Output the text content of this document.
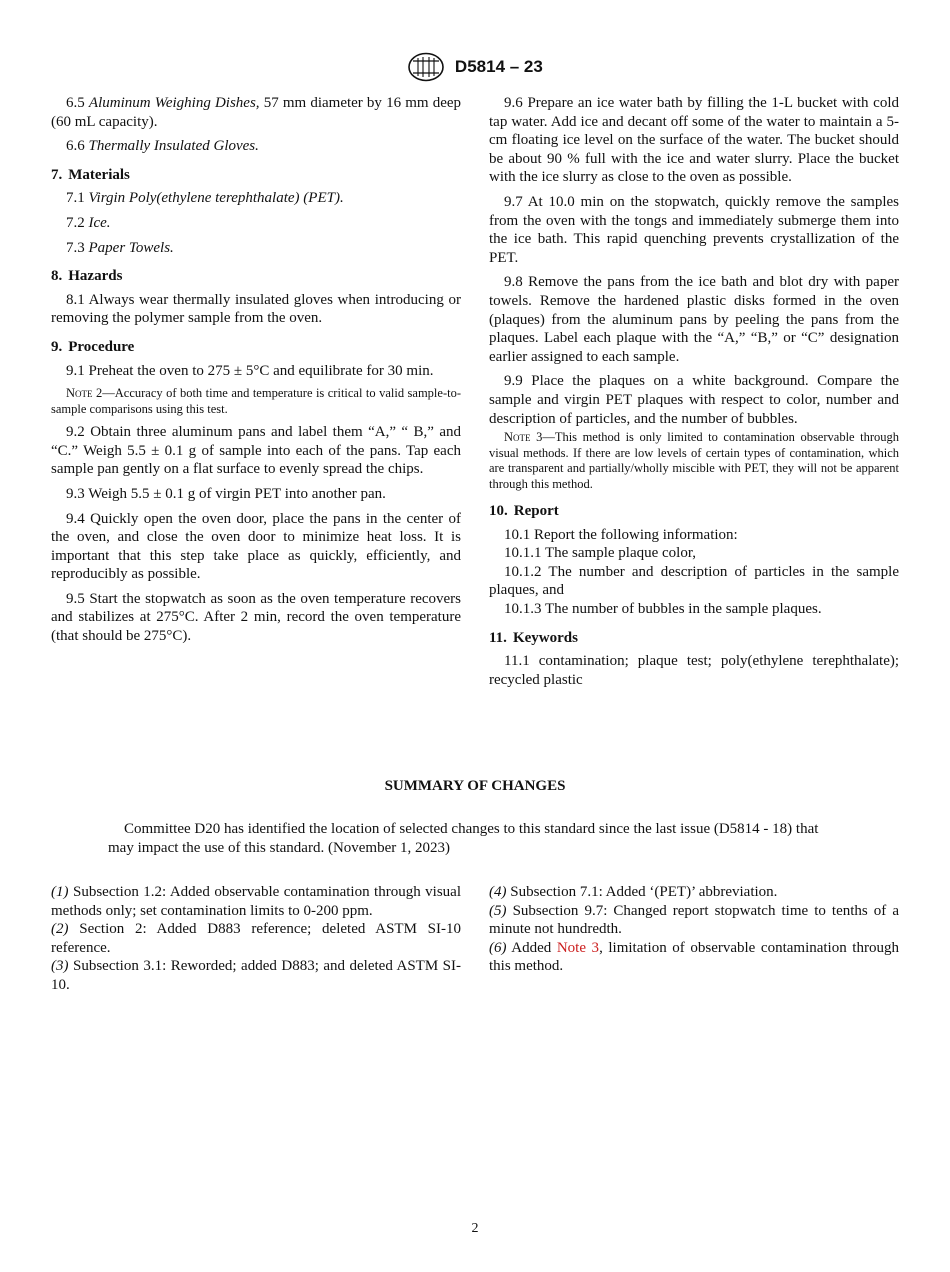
D5814 – 23

6.5 Aluminum Weighing Dishes, 57 mm diameter by 16 mm deep (60 mL capacity).

6.6 Thermally Insulated Gloves.

7. Materials

7.1 Virgin Poly(ethylene terephthalate) (PET).

7.2 Ice.

7.3 Paper Towels.

8. Hazards

8.1 Always wear thermally insulated gloves when introducing or removing the polymer sample from the oven.

9. Procedure

9.1 Preheat the oven to 275 ± 5°C and equilibrate for 30 min.

Note 2—Accuracy of both time and temperature is critical to valid sample-to-sample comparisons using this test.

9.2 Obtain three aluminum pans and label them “A,” “ B,” and “C.” Weigh 5.5 ± 0.1 g of sample into each of the pans. Tap each sample pan gently on a flat surface to evenly spread the chips.

9.3 Weigh 5.5 ± 0.1 g of virgin PET into another pan.

9.4 Quickly open the oven door, place the pans in the center of the oven, and close the oven door to minimize heat loss. It is important that this step take place as quickly, efficiently, and reproducibly as possible.

9.5 Start the stopwatch as soon as the oven temperature recovers and stabilizes at 275°C. After 2 min, record the oven temperature (that should be 275°C).

9.6 Prepare an ice water bath by filling the 1-L bucket with cold tap water. Add ice and decant off some of the water to maintain a 5-cm floating ice level on the surface of the water. The bucket should be about 90 % full with the ice and water slurry. Place the bucket with the ice slurry as close to the oven as possible.

9.7 At 10.0 min on the stopwatch, quickly remove the samples from the oven with the tongs and immediately submerge them into the ice bath. This rapid quenching prevents crystallization of the PET.

9.8 Remove the pans from the ice bath and blot dry with paper towels. Remove the hardened plastic disks formed in the oven (plaques) from the aluminum pans by peeling the pans from the plaques. Label each plaque with the “A,” “B,” or “C” designation earlier assigned to each sample.

9.9 Place the plaques on a white background. Compare the sample and virgin PET plaques with respect to color, number and description of particles, and the number of bubbles.

Note 3—This method is only limited to contamination observable through visual methods. If there are low levels of certain types of contamination, which are transparent and partially/wholly miscible with PET, they will not be apparent through this method.
10. Report

10.1 Report the following information:

10.1.1 The sample plaque color,

10.1.2 The number and description of particles in the sample plaques, and

10.1.3 The number of bubbles in the sample plaques.

11. Keywords

11.1 contamination; plaque test; poly(ethylene terephthalate); recycled plastic

SUMMARY OF CHANGES

Committee D20 has identified the location of selected changes to this standard since the last issue (D5814 - 18) that may impact the use of this standard. (November 1, 2023)

(1) Subsection 1.2: Added observable contamination through visual methods only; set contamination limits to 0-200 ppm.

(2) Section 2: Added D883 reference; deleted ASTM SI-10 reference.

(3) Subsection 3.1: Reworded; added D883; and deleted ASTM SI-10.

(4) Subsection 7.1: Added ‘(PET)’ abbreviation.

(5) Subsection 9.7: Changed report stopwatch time to tenths of a minute not hundredth.

(6) Added Note 3, limitation of observable contamination through this method.

2
